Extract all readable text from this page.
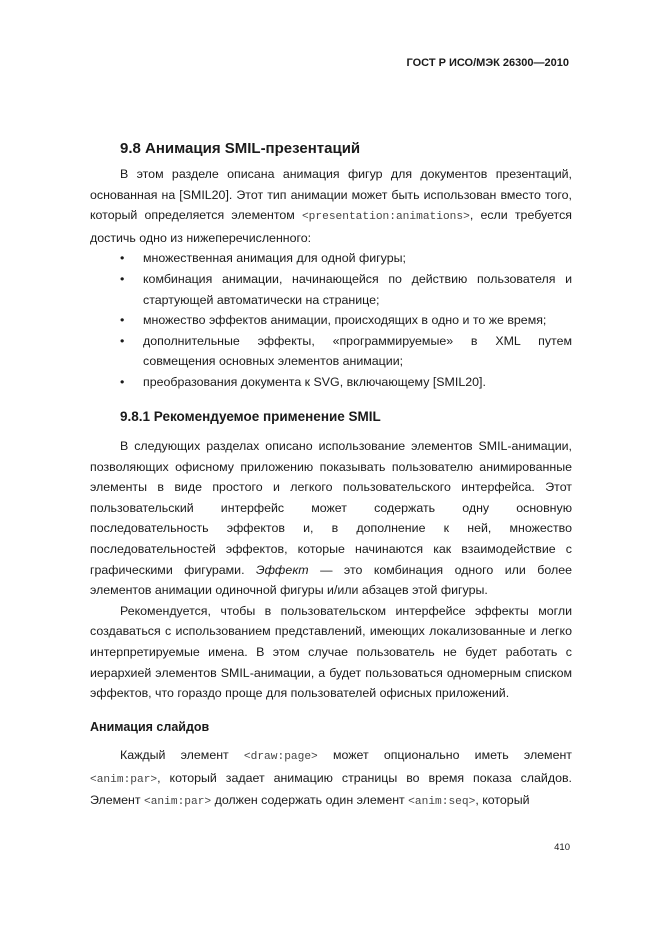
ГОСТ Р ИСО/МЭК 26300—2010
9.8 Анимация SMIL-презентаций

В этом разделе описана анимация фигур для документов презентаций, основанная на [SMIL20]. Этот тип анимации может быть использован вместо того, который определяется элементом <presentation:animations>, если требуется достичь одно из нижеперечисленного:

• множественная анимация для одной фигуры;
• комбинация анимации, начинающейся по действию пользователя и стартующей автоматически на странице;
• множество эффектов анимации, происходящих в одно и то же время;
• дополнительные эффекты, «программируемые» в XML путем совмещения основных элементов анимации;
• преобразования документа к SVG, включающему [SMIL20].
9.8.1 Рекомендуемое применение SMIL

В следующих разделах описано использование элементов SMIL-анимации, позволяющих офисному приложению показывать пользователю анимированные элементы в виде простого и легкого пользовательского интерфейса. Этот пользовательский интерфейс может содержать одну основную последовательность эффектов и, в дополнение к ней, множество последовательностей эффектов, которые начинаются как взаимодействие с графическими фигурами. Эффект — это комбинация одного или более элементов анимации одиночной фигуры и/или абзацев этой фигуры.

Рекомендуется, чтобы в пользовательском интерфейсе эффекты могли создаваться с использованием представлений, имеющих локализованные и легко интерпретируемые имена. В этом случае пользователь не будет работать с иерархией элементов SMIL-анимации, а будет пользоваться одномерным списком эффектов, что гораздо проще для пользователей офисных приложений.

Анимация слайдов

Каждый элемент <draw:page> может опционально иметь элемент <anim:par>, который задает анимацию страницы во время показа слайдов. Элемент <anim:par> должен содержать один элемент <anim:seq>, который

410
